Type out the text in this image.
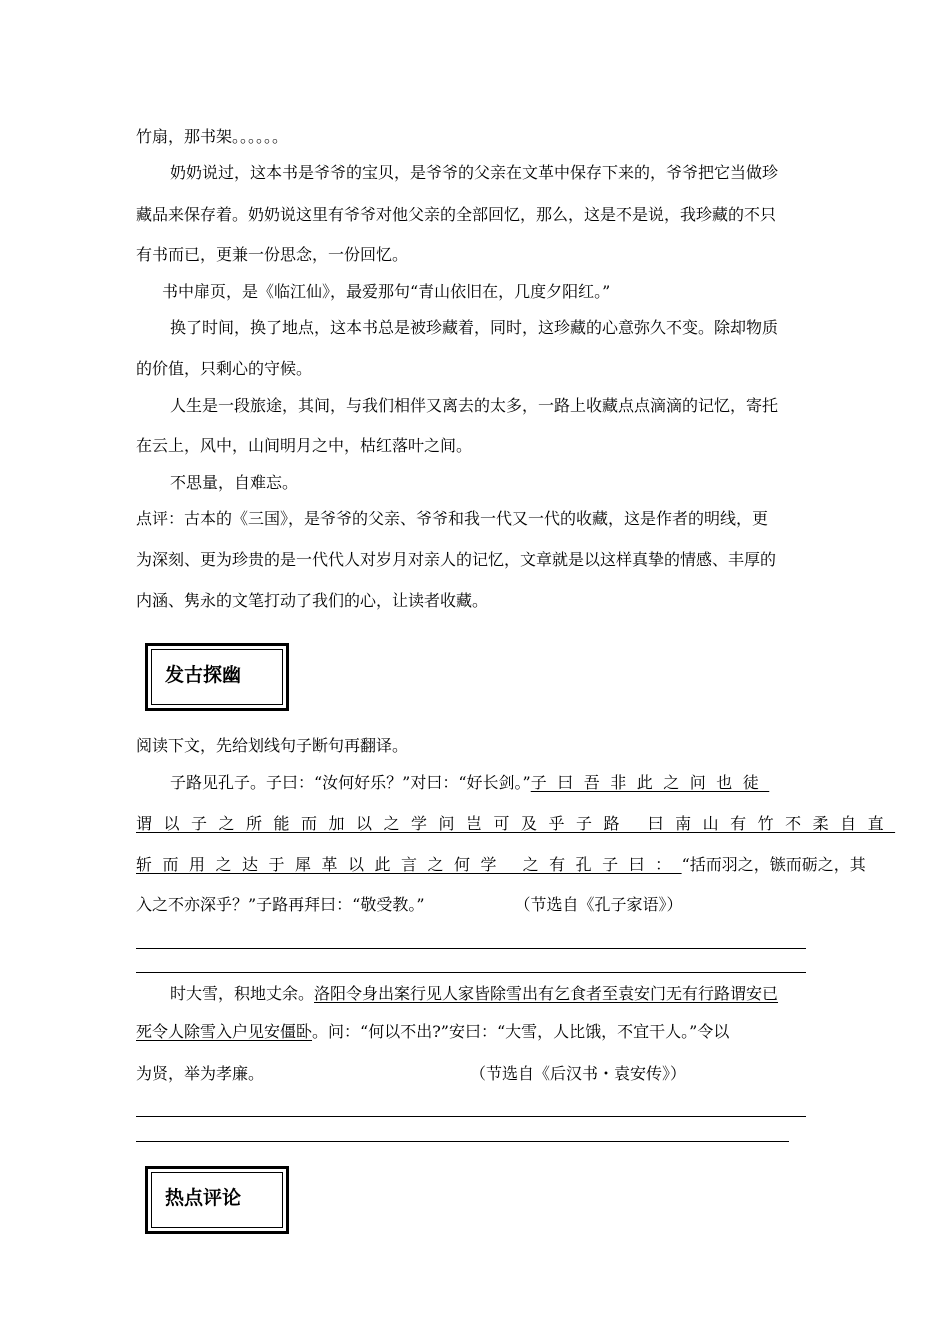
竹扇，那书架。。。。。。
奶奶说过，这本书是爷爷的宝贝，是爷爷的父亲在文革中保存下来的，爷爷把它当做珍
藏品来保存着。奶奶说这里有爷爷对他父亲的全部回忆，那么，这是不是说，我珍藏的不只
有书而已，更兼一份思念，一份回忆。
书中扉页，是《临江仙》，最爱那句“青山依旧在，几度夕阳红。”
换了时间，换了地点，这本书总是被珍藏着，同时，这珍藏的心意弥久不变。除却物质
的价值，只剩心的守候。
人生是一段旅途，其间，与我们相伴又离去的太多，一路上收藏点点滴滴的记忆，寄托
在云上，风中，山间明月之中，枯红落叶之间。
不思量，自难忘。
点评：古本的《三国》，是爷爷的父亲、爷爷和我一代又一代的收藏，这是作者的明线，更
为深刻、更为珍贵的是一代代人对岁月对亲人的记忆，文章就是以这样真挚的情感、丰厚的
内涵、隽永的文笔打动了我们的心，让读者收藏。
发古探幽
阅读下文，先给划线句子断句再翻译。
子路见孔子。子曰：“汝何好乐？”对曰：“好长剑。”子曰吾非此之问也徒
谓以子之所能而加以之学问岂可及乎子路 曰南山有竹不柔自直
斩而用之达于犀革以此言之何学 之有孔子曰：“括而羽之，镞而砺之，其
入之不亦深乎？”子路再拜曰：“敬受教。”	（节选自《孔子家语》）
时大雪，积地丈余。洛阳令身出案行见人家皆除雪出有乞食者至袁安门无有行路谓安已
死令人除雪入户见安僵卧。问：“何以不出?”安曰：“大雪，人比饿，不宜干人。”令以
为贤，举为孝廉。	（节选自《后汉书・袁安传》）
热点评论
